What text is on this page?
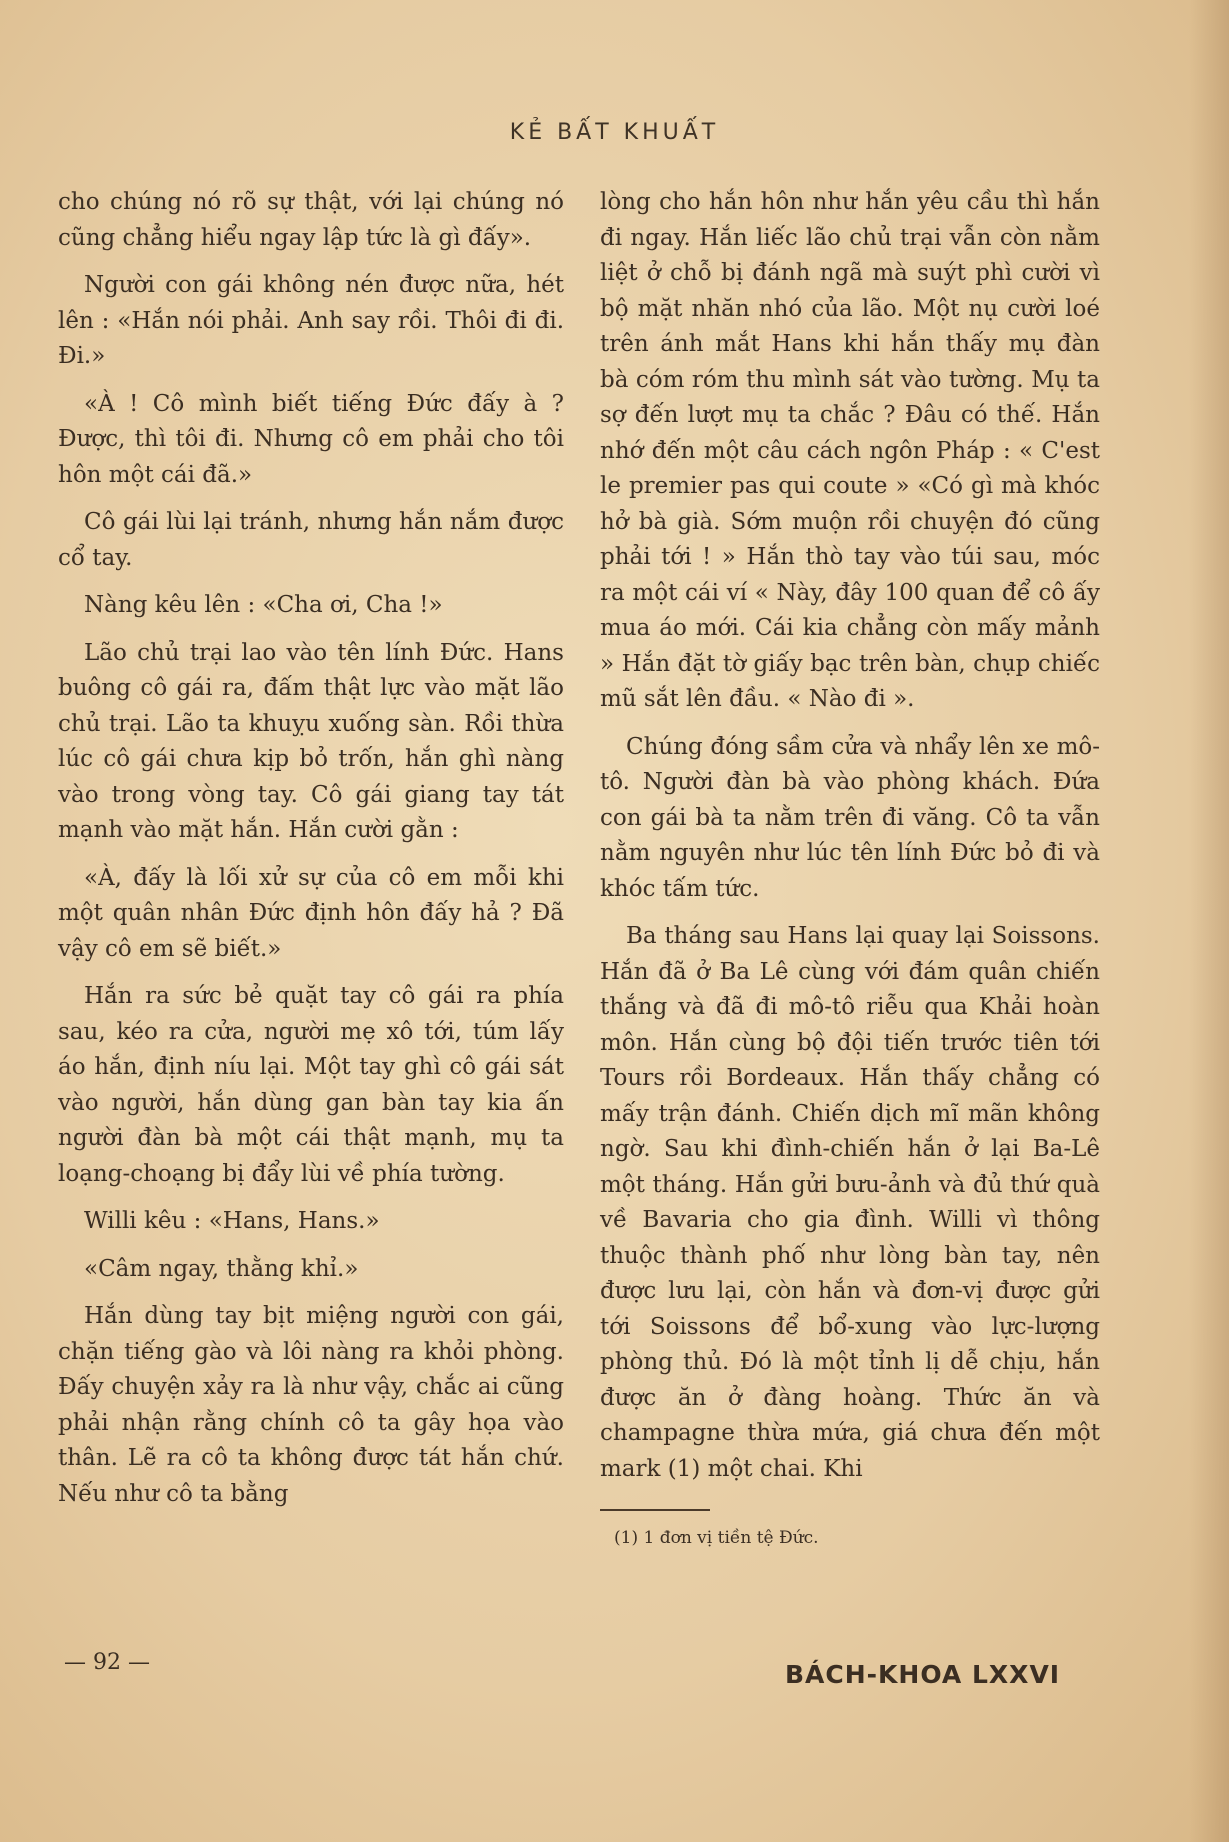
KẺ BẤT KHUẤT

cho chúng nó rõ sự thật, với lại chúng nó cũng chẳng hiểu ngay lập tức là gì đấy».

Người con gái không nén được nữa, hét lên : «Hắn nói phải. Anh say rồi. Thôi đi đi. Đi.»

«À ! Cô mình biết tiếng Đức đấy à ? Được, thì tôi đi. Nhưng cô em phải cho tôi hôn một cái đã.»

Cô gái lùi lại tránh, nhưng hắn nắm được cổ tay.

Nàng kêu lên : «Cha ơi, Cha !»

Lão chủ trại lao vào tên lính Đức. Hans buông cô gái ra, đấm thật lực vào mặt lão chủ trại. Lão ta khuỵu xuống sàn. Rồi thừa lúc cô gái chưa kịp bỏ trốn, hắn ghì nàng vào trong vòng tay. Cô gái giang tay tát mạnh vào mặt hắn. Hắn cười gằn :

«À, đấy là lối xử sự của cô em mỗi khi một quân nhân Đức định hôn đấy hả ? Đã vậy cô em sẽ biết.»

Hắn ra sức bẻ quặt tay cô gái ra phía sau, kéo ra cửa, người mẹ xô tới, túm lấy áo hắn, định níu lại. Một tay ghì cô gái sát vào người, hắn dùng gan bàn tay kia ấn người đàn bà một cái thật mạnh, mụ ta loạng-choạng bị đẩy lùi về phía tường.

Willi kêu : «Hans, Hans.»

«Câm ngay, thằng khỉ.»

Hắn dùng tay bịt miệng người con gái, chặn tiếng gào và lôi nàng ra khỏi phòng. Đấy chuyện xảy ra là như vậy, chắc ai cũng phải nhận rằng chính cô ta gây họa vào thân. Lẽ ra cô ta không được tát hắn chứ. Nếu như cô ta bằng

lòng cho hắn hôn như hắn yêu cầu thì hắn đi ngay. Hắn liếc lão chủ trại vẫn còn nằm liệt ở chỗ bị đánh ngã mà suýt phì cười vì bộ mặt nhăn nhó của lão. Một nụ cười loé trên ánh mắt Hans khi hắn thấy mụ đàn bà cóm róm thu mình sát vào tường. Mụ ta sợ đến lượt mụ ta chắc ? Đâu có thế. Hắn nhớ đến một câu cách ngôn Pháp : « C'est le premier pas qui coute » «Có gì mà khóc hở bà già. Sớm muộn rồi chuyện đó cũng phải tới ! » Hắn thò tay vào túi sau, móc ra một cái ví « Này, đây 100 quan để cô ấy mua áo mới. Cái kia chẳng còn mấy mảnh » Hắn đặt tờ giấy bạc trên bàn, chụp chiếc mũ sắt lên đầu. « Nào đi ».

Chúng đóng sầm cửa và nhẩy lên xe mô-tô. Người đàn bà vào phòng khách. Đứa con gái bà ta nằm trên đi văng. Cô ta vẫn nằm nguyên như lúc tên lính Đức bỏ đi và khóc tấm tức.

Ba tháng sau Hans lại quay lại Soissons. Hắn đã ở Ba Lê cùng với đám quân chiến thắng và đã đi mô-tô riễu qua Khải hoàn môn. Hắn cùng bộ đội tiến trước tiên tới Tours rồi Bordeaux. Hắn thấy chẳng có mấy trận đánh. Chiến dịch mĩ mãn không ngờ. Sau khi đình-chiến hắn ở lại Ba-Lê một tháng. Hắn gửi bưu-ảnh và đủ thứ quà về Bavaria cho gia đình. Willi vì thông thuộc thành phố như lòng bàn tay, nên được lưu lại, còn hắn và đơn-vị được gửi tới Soissons để bổ-xung vào lực-lượng phòng thủ. Đó là một tỉnh lị dễ chịu, hắn được ăn ở đàng hoàng. Thức ăn và champagne thừa mứa, giá chưa đến một mark (1) một chai. Khi

(1) 1 đơn vị tiền tệ Đức.

— 92 —	BÁCH-KHOA LXXVI
